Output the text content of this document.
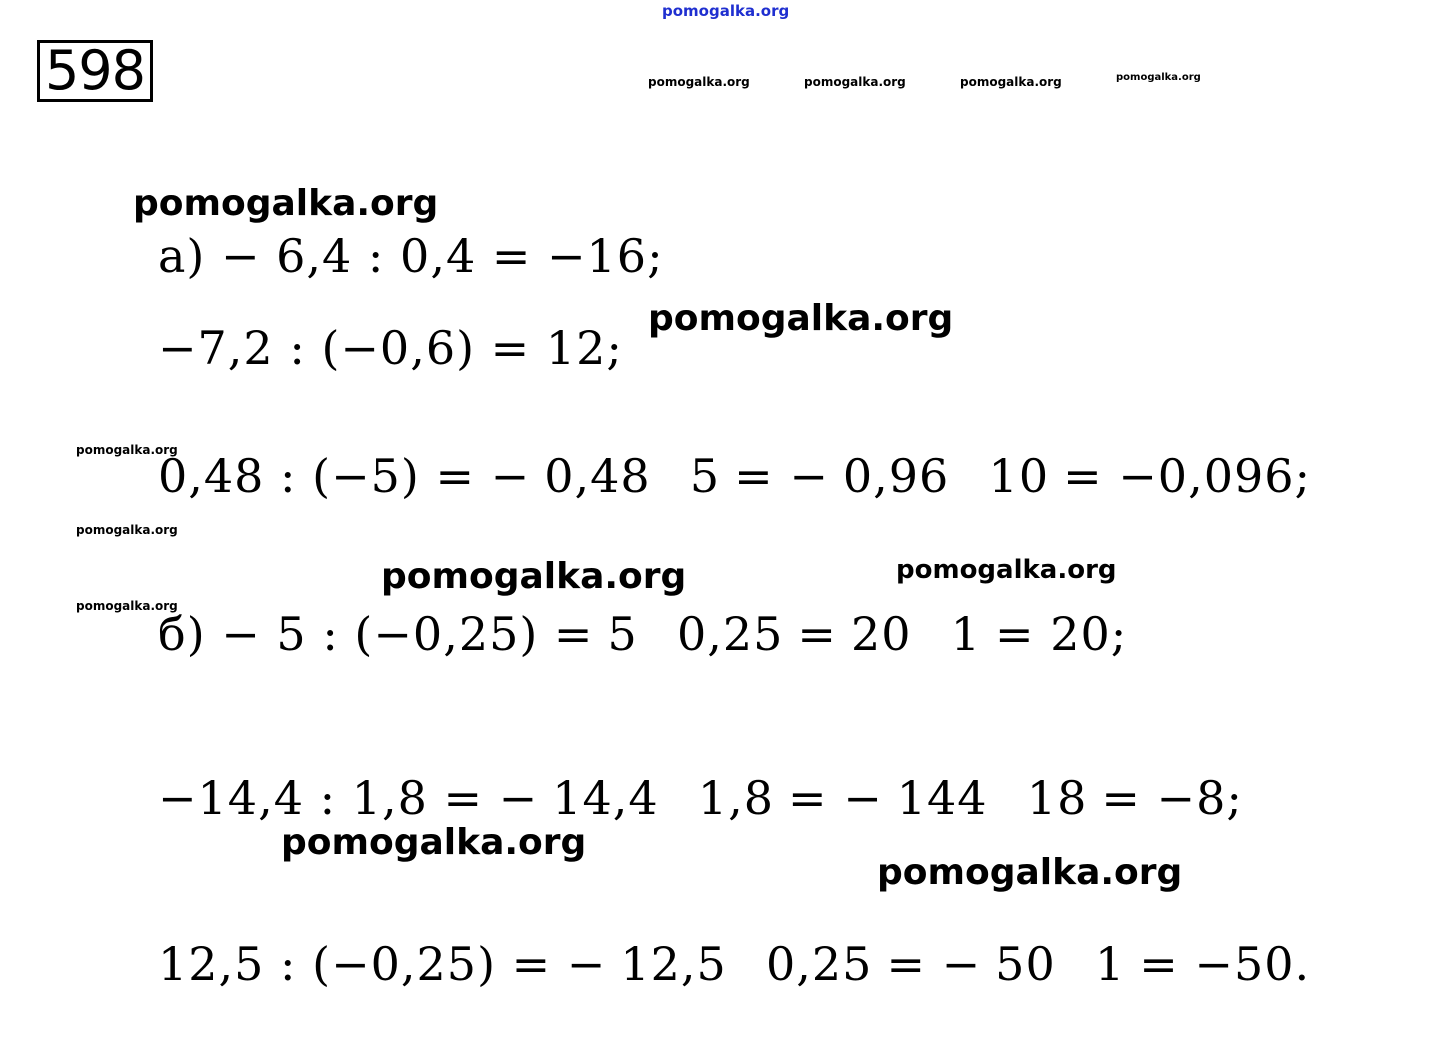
598
pomogalka.org
pomogalka.org	pomogalka.org	pomogalka.org	pomogalka.org
pomogalka.org
pomogalka.org
pomogalka.org	pomogalka.org
pomogalka.org
pomogalka.org
pomogalka.org
pomogalka.org
pomogalka.org
а) − 6,4 : 0,4 = −16;
−7,2 : (−0,6) = 12;
0,48 : (−5) = − 0,48 5 = − 0,96 10 = −0,096;
б) − 5 : (−0,25) = 5 0,25 = 20 1 = 20;
−14,4 : 1,8 = − 14,4 1,8 = − 144 18 = −8;
12,5 : (−0,25) = − 12,5 0,25 = − 50 1 = −50.
